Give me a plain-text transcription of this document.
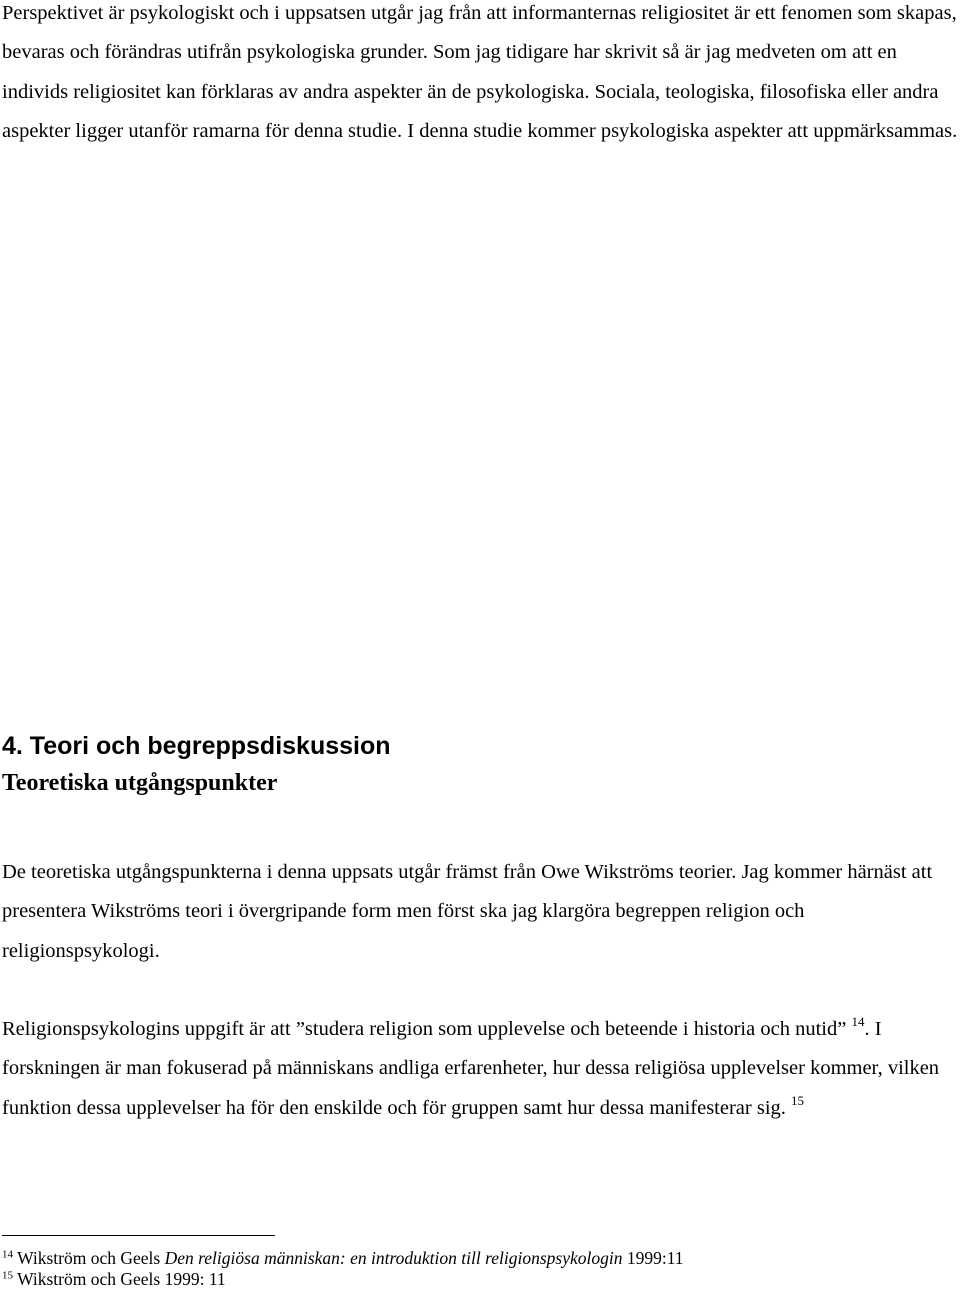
Perspektivet är psykologiskt och i uppsatsen utgår jag från att informanternas religiositet är ett fenomen som skapas, bevaras och förändras utifrån psykologiska grunder. Som jag tidigare har skrivit så är jag medveten om att en individs religiositet kan förklaras av andra aspekter än de psykologiska. Sociala, teologiska, filosofiska eller andra aspekter ligger utanför ramarna för denna studie. I denna studie kommer psykologiska aspekter att uppmärksammas.

4. Teori och begreppsdiskussion
Teoretiska utgångspunkter

De teoretiska utgångspunkterna i denna uppsats utgår främst från Owe Wikströms teorier. Jag kommer härnäst att presentera Wikströms teori i övergripande form men först ska jag klargöra begreppen religion och religionspsykologi.

Religionspsykologins uppgift är att ”studera religion som upplevelse och beteende i historia och nutid” $^{14}$. I forskningen är man fokuserad på människans andliga erfarenheter, hur dessa religiösa upplevelser kommer, vilken funktion dessa upplevelser ha för den enskilde och för gruppen samt hur dessa manifesterar sig. $^{15}$

$^{14}$ Wikström och Geels Den religiösa människan: en introduktion till religionspsykologin 1999:11

$^{15}$ Wikström och Geels 1999: 11
